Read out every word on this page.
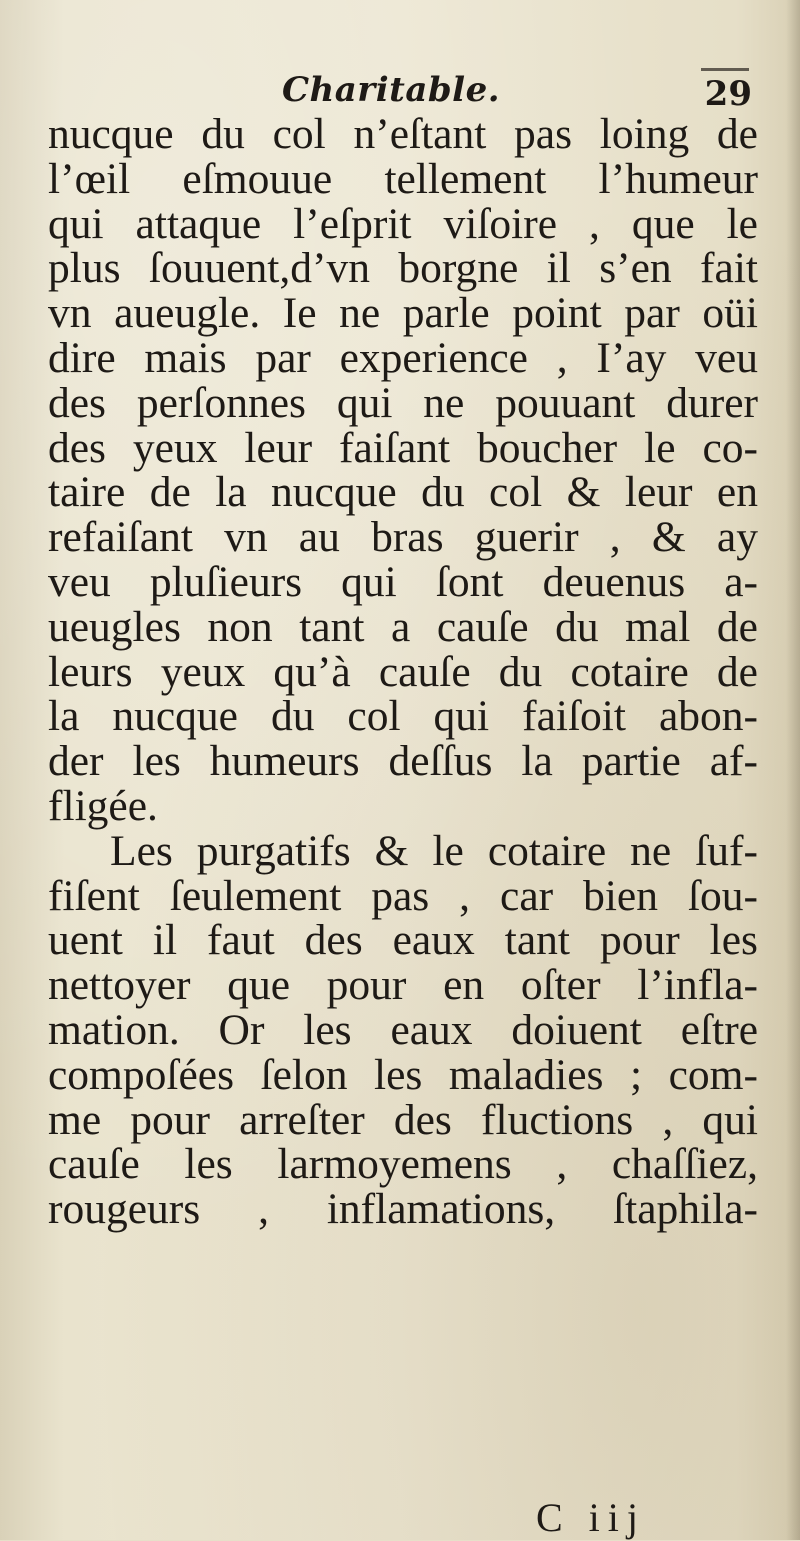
Charitable.	29
nucque du col n’eſtant pas loing de
l’œil eſmouue tellement l’humeur
qui attaque l’eſprit viſoire , que le
plus ſouuent,d’vn borgne il s’en fait
vn aueugle. Ie ne parle point par oüi
dire mais par experience , I’ay veu
des perſonnes qui ne pouuant durer
des yeux leur faiſant boucher le co-
taire de la nucque du col & leur en
refaiſant vn au bras guerir , & ay
veu pluſieurs qui ſont deuenus a-
ueugles non tant a cauſe du mal de
leurs yeux qu’à cauſe du cotaire de
la nucque du col qui faiſoit abon-
der les humeurs deſſus la partie af-
fligée.
Les purgatifs & le cotaire ne ſuf-
fiſent ſeulement pas , car bien ſou-
uent il faut des eaux tant pour les
nettoyer que pour en oſter l’infla-
mation. Or les eaux doiuent eſtre
compoſées ſelon les maladies ; com-
me pour arreſter des fluctions , qui
cauſe les larmoyemens , chaſſiez,
rougeurs , inflamations, ſtaphila-
C iij
